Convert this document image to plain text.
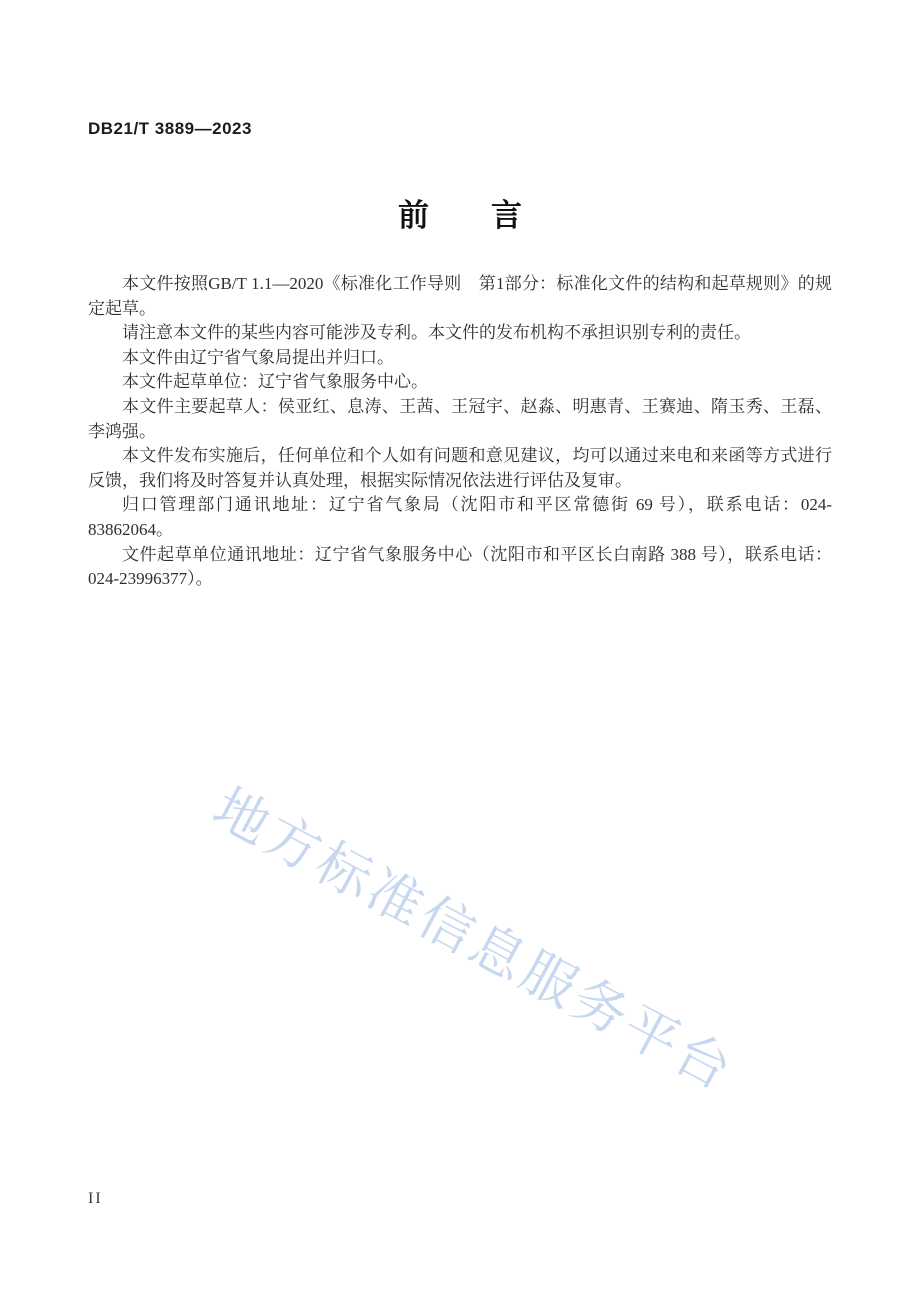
DB21/T 3889—2023
前　　言

本文件按照GB/T 1.1—2020《标准化工作导则　第1部分：标准化文件的结构和起草规则》的规定起草。

请注意本文件的某些内容可能涉及专利。本文件的发布机构不承担识别专利的责任。

本文件由辽宁省气象局提出并归口。

本文件起草单位：辽宁省气象服务中心。

本文件主要起草人：侯亚红、息涛、王茜、王冠宇、赵淼、明惠青、王赛迪、隋玉秀、王磊、李鸿强。

本文件发布实施后，任何单位和个人如有问题和意见建议，均可以通过来电和来函等方式进行反馈，我们将及时答复并认真处理，根据实际情况依法进行评估及复审。

归口管理部门通讯地址：辽宁省气象局（沈阳市和平区常德街 69 号），联系电话：024-83862064。

文件起草单位通讯地址：辽宁省气象服务中心（沈阳市和平区长白南路 388 号），联系电话：024-23996377）。

地方标准信息服务平台
II
